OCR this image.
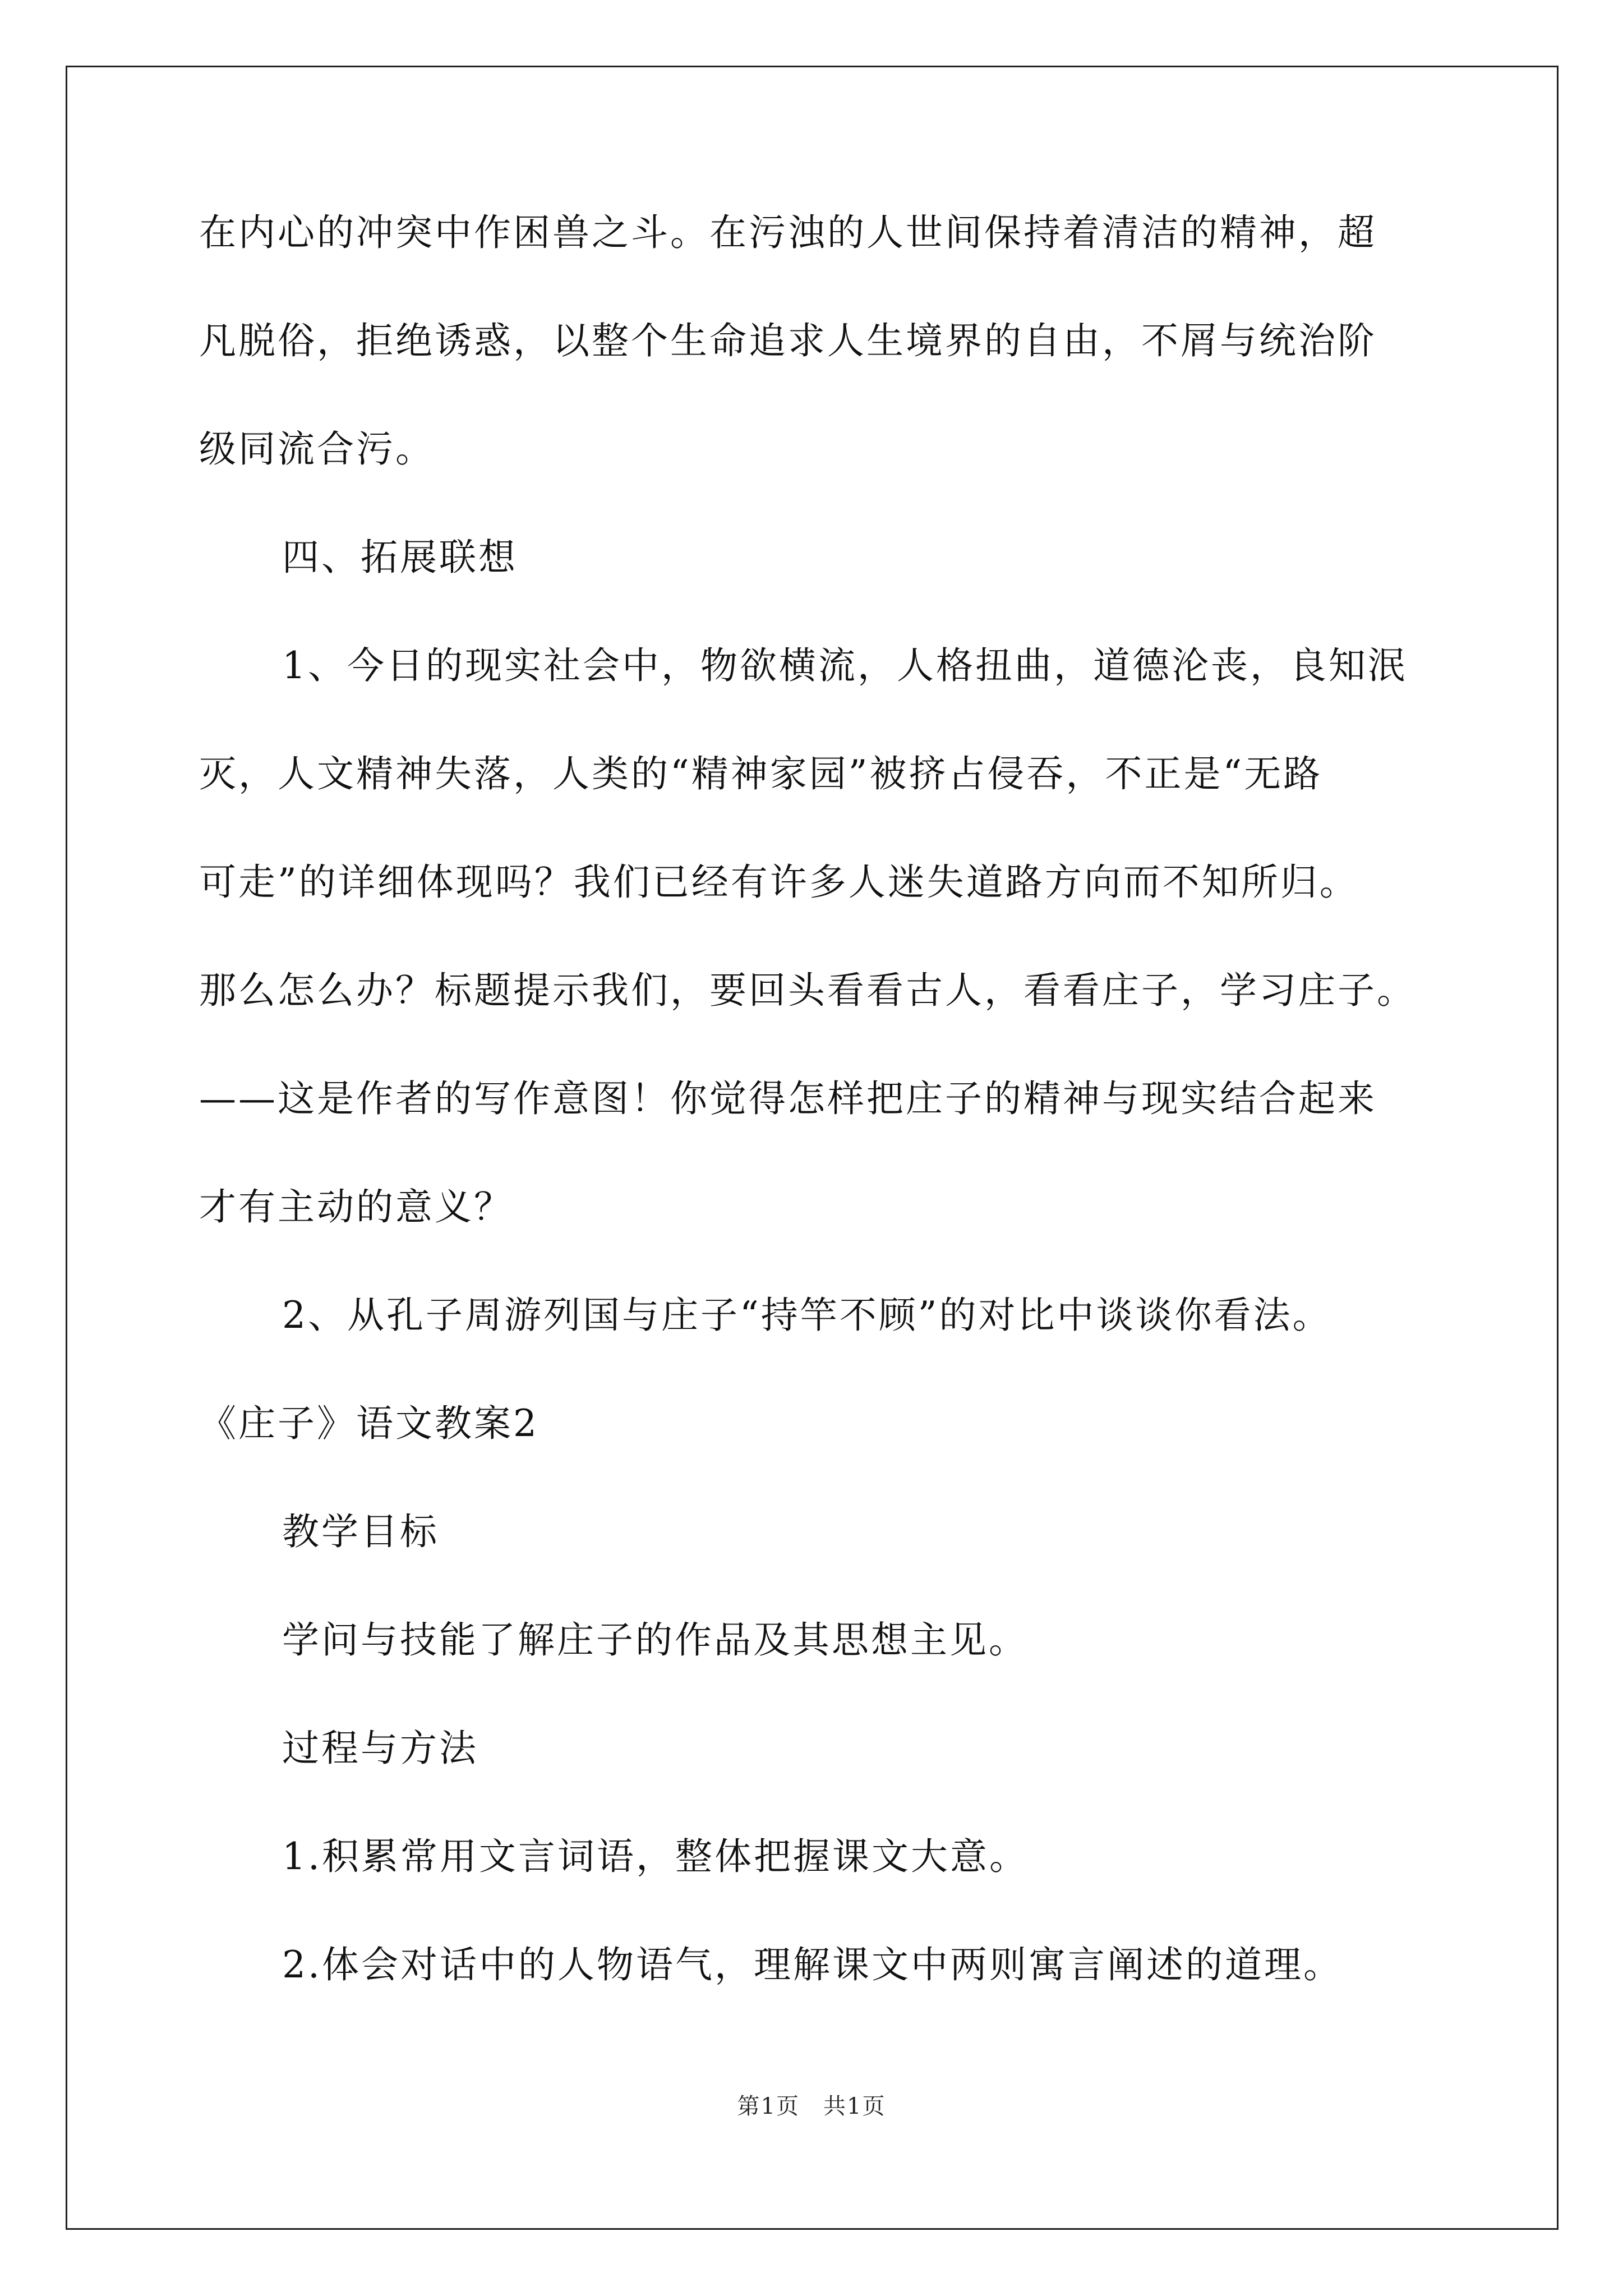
在内心的冲突中作困兽之斗。在污浊的人世间保持着清洁的精神，超
凡脱俗，拒绝诱惑，以整个生命追求人生境界的自由，不屑与统治阶
级同流合污。
四、拓展联想
1、今日的现实社会中，物欲横流，人格扭曲，道德沦丧，良知泯
灭，人文精神失落，人类的“精神家园”被挤占侵吞，不正是“无路
可走”的详细体现吗？我们已经有许多人迷失道路方向而不知所归。
那么怎么办？标题提示我们，要回头看看古人，看看庄子，学习庄子。
——这是作者的写作意图！你觉得怎样把庄子的精神与现实结合起来
才有主动的意义？
2、从孔子周游列国与庄子“持竿不顾”的对比中谈谈你看法。
《庄子》语文教案2
教学目标
学问与技能了解庄子的作品及其思想主见。
过程与方法
1.积累常用文言词语，整体把握课文大意。
2.体会对话中的人物语气，理解课文中两则寓言阐述的道理。
第1页　共1页
